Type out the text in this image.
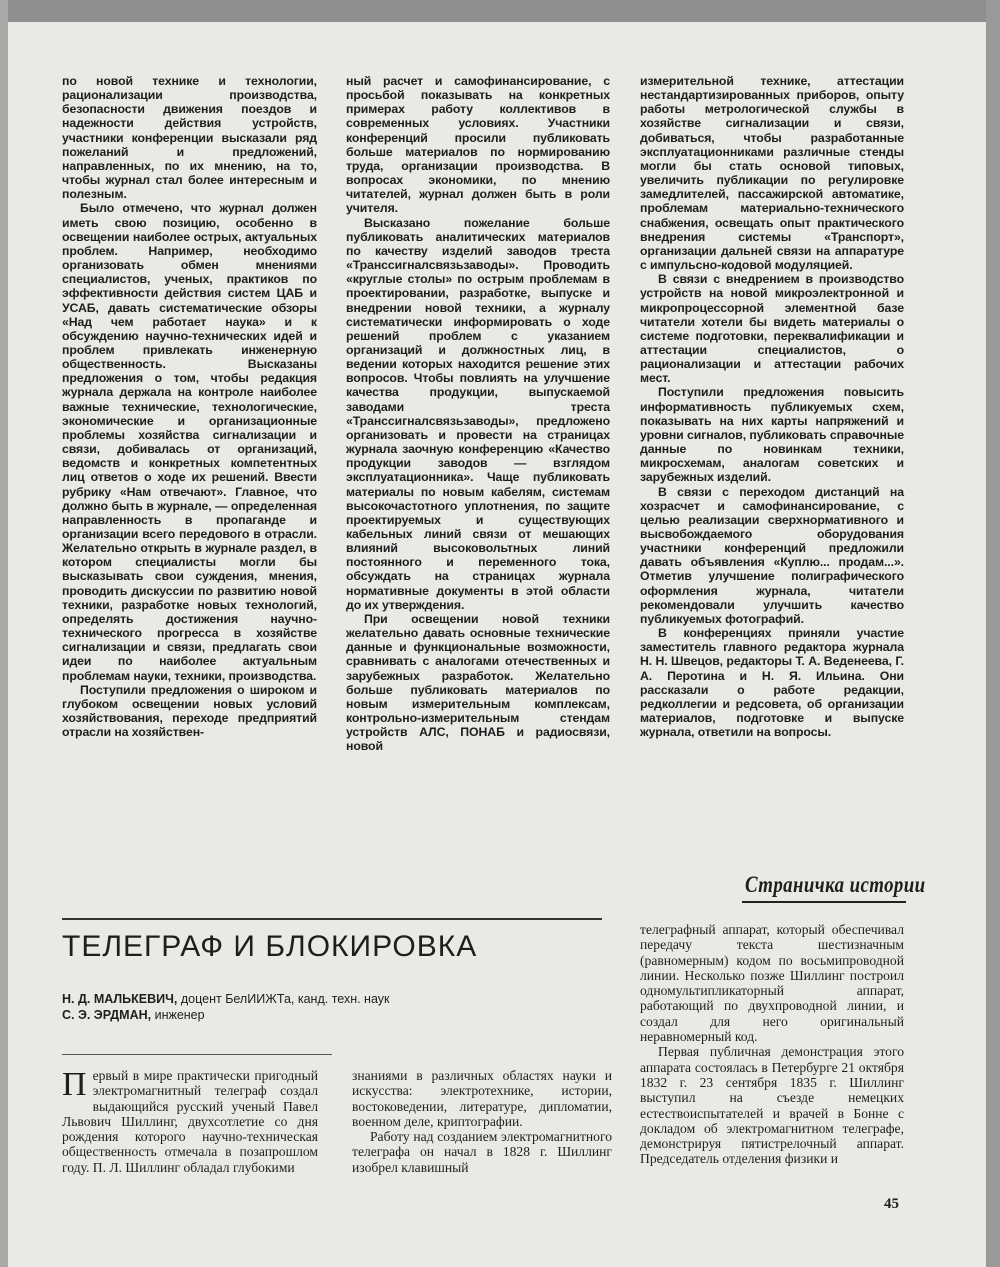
по новой технике и технологии, рационализации производства, безопасности движения поездов и надежности действия устройств, участники конференции высказали ряд пожеланий и предложений, направленных, по их мнению, на то, чтобы журнал стал более интересным и полезным.

Было отмечено, что журнал должен иметь свою позицию, особенно в освещении наиболее острых, актуальных проблем. Например, необходимо организовать обмен мнениями специалистов, ученых, практиков по эффективности действия систем ЦАБ и УСАБ, давать систематические обзоры «Над чем работает наука» и к обсуждению научно-технических идей и проблем привлекать инженерную общественность. Высказаны предложения о том, чтобы редакция журнала держала на контроле наиболее важные технические, технологические, экономические и организационные проблемы хозяйства сигнализации и связи, добивалась от организаций, ведомств и конкретных компетентных лиц ответов о ходе их решений. Ввести рубрику «Нам отвечают». Главное, что должно быть в журнале, — определенная направленность в пропаганде и организации всего передового в отрасли. Желательно открыть в журнале раздел, в котором специалисты могли бы высказывать свои суждения, мнения, проводить дискуссии по развитию новой техники, разработке новых технологий, определять достижения научно-технического прогресса в хозяйстве сигнализации и связи, предлагать свои идеи по наиболее актуальным проблемам науки, техники, производства.

Поступили предложения о широком и глубоком освещении новых условий хозяйствования, переходе предприятий отрасли на хозяйствен-

ный расчет и самофинансирование, с просьбой показывать на конкретных примерах работу коллективов в современных условиях. Участники конференций просили публиковать больше материалов по нормированию труда, организации производства. В вопросах экономики, по мнению читателей, журнал должен быть в роли учителя.

Высказано пожелание больше публиковать аналитических материалов по качеству изделий заводов треста «Транссигналсвязьзаводы». Проводить «круглые столы» по острым проблемам в проектировании, разработке, выпуске и внедрении новой техники, а журналу систематически информировать о ходе решений проблем с указанием организаций и должностных лиц, в ведении которых находится решение этих вопросов. Чтобы повлиять на улучшение качества продукции, выпускаемой заводами треста «Транссигналсвязьзаводы», предложено организовать и провести на страницах журнала заочную конференцию «Качество продукции заводов — взглядом эксплуатационника». Чаще публиковать материалы по новым кабелям, системам высокочастотного уплотнения, по защите проектируемых и существующих кабельных линий связи от мешающих влияний высоковольтных линий постоянного и переменного тока, обсуждать на страницах журнала нормативные документы в этой области до их утверждения.

При освещении новой техники желательно давать основные технические данные и функциональные возможности, сравнивать с аналогами отечественных и зарубежных разработок. Желательно больше публиковать материалов по новым измерительным комплексам, контрольно-измерительным стендам устройств АЛС, ПОНАБ и радиосвязи, новой

измерительной технике, аттестации нестандартизированных приборов, опыту работы метрологической службы в хозяйстве сигнализации и связи, добиваться, чтобы разработанные эксплуатационниками различные стенды могли бы стать основой типовых, увеличить публикации по регулировке замедлителей, пассажирской автоматике, проблемам материально-технического снабжения, освещать опыт практического внедрения системы «Транспорт», организации дальней связи на аппаратуре с импульсно-кодовой модуляцией.

В связи с внедрением в производство устройств на новой микроэлектронной и микропроцессорной элементной базе читатели хотели бы видеть материалы о системе подготовки, переквалификации и аттестации специалистов, о рационализации и аттестации рабочих мест.

Поступили предложения повысить информативность публикуемых схем, показывать на них карты напряжений и уровни сигналов, публиковать справочные данные по новинкам техники, микросхемам, аналогам советских и зарубежных изделий.

В связи с переходом дистанций на хозрасчет и самофинансирование, с целью реализации сверхнормативного и высвобождаемого оборудования участники конференций предложили давать объявления «Куплю... продам...». Отметив улучшение полиграфического оформления журнала, читатели рекомендовали улучшить качество публикуемых фотографий.

В конференциях приняли участие заместитель главного редактора журнала Н. Н. Швецов, редакторы Т. А. Веденеева, Г. А. Перотина и Н. Я. Ильина. Они рассказали о работе редакции, редколлегии и редсовета, об организации материалов, подготовке и выпуске журнала, ответили на вопросы.

Страничка истории
ТЕЛЕГРАФ И БЛОКИРОВКА
Н. Д. МАЛЬКЕВИЧ, доцент БелИИЖТа, канд. техн. наук
С. Э. ЭРДМАН, инженер

Первый в мире практически пригодный электромагнитный телеграф создал выдающийся русский ученый Павел Львович Шиллинг, двухсотлетие со дня рождения которого научно-техническая общественность отмечала в позапрошлом году. П. Л. Шиллинг обладал глубокими

знаниями в различных областях науки и искусства: электротехнике, истории, востоковедении, литературе, дипломатии, военном деле, криптографии.

Работу над созданием электромагнитного телеграфа он начал в 1828 г. Шиллинг изобрел клавишный

телеграфный аппарат, который обеспечивал передачу текста шестизначным (равномерным) кодом по восьмипроводной линии. Несколько позже Шиллинг построил одномультипликаторный аппарат, работающий по двухпроводной линии, и создал для него оригинальный неравномерный код.

Первая публичная демонстрация этого аппарата состоялась в Петербурге 21 октября 1832 г. 23 сентября 1835 г. Шиллинг выступил на съезде немецких естествоиспытателей и врачей в Бонне с докладом об электромагнитном телеграфе, демонстрируя пятистрелочный аппарат. Председатель отделения физики и

45
